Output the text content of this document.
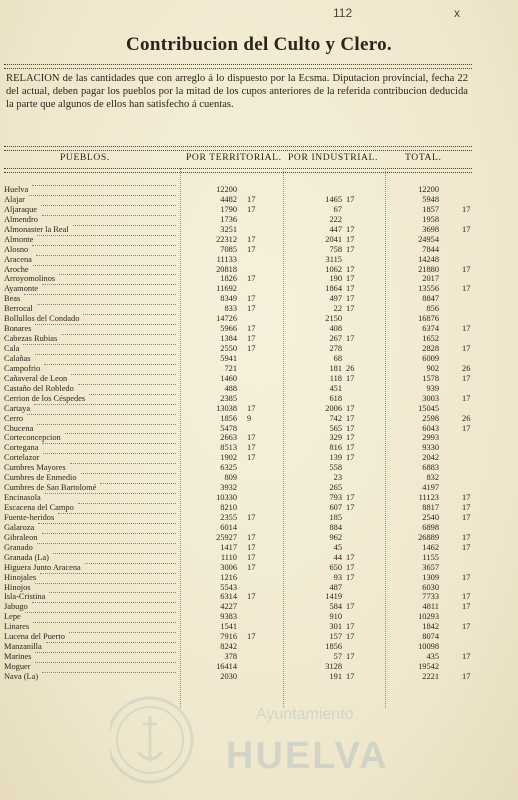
112	x
Contribucion del Culto y Clero.
RELACION de las cantidades que con arreglo á lo dispuesto por la Ecsma. Diputacion provincial, fecha 22 del actual, deben pagar los pueblos por la mitad de los cupos anteriores de la referida contribucion deducida la parte que algunos de ellos han satisfecho á cuentas.
PUEBLOS.	POR TERRITORIAL. POR INDUSTRIAL.	TOTAL.
Huelva	12200	12200
Alajar	4482 17	1465 17	5948
Aljaraque	1790 17	67	1857	17
Almendro	1736	222	1958
Almonaster la Real	3251	447 17	3698	17
Almonte	22312 17	2041 17	24954
Alosno	7085 17	758 17	7844
Aracena	11133	3115	14248
Aroche	20818	1062 17	21880	17
Arroyomolinos	1826 17	190 17	2017
Ayamonte	11692	1864 17	13556	17
Beas	8349 17	497 17	8847
Berrocal	833 17	22 17	856
Bollullos del Condado	14726	2150	16876
Bonares	5966 17	408	6374	17
Cabezas Rubias	1384 17	267 17	1652
Cala	2550 17	278	2828	17
Calañas	5941	68	6009
Campofrio	721	181 26	902	26
Cañaveral de Leon	1460	118 17	1578	17
Castaño del Robledo	488	451	939
Cerrion de los Céspedes	2385	618	3003	17
Cartaya	13038 17	2006 17	15045
Cerro	1856 9	742 17	2598	26
Chucena	5478	565 17	6043	17
Corteconcepcion	2663 17	329 17	2993
Cortegana	8513 17	816 17	9330
Cortelazor	1902 17	139 17	2042
Cumbres Mayores	6325	558	6883
Cumbres de Enmedio	809	23	832
Cumbres de San Bartolomé	3932	265	4197
Encinasola	10330	793 17	11123	17
Escacena del Campo	8210	607 17	8817	17
Fuente-heridos	2355 17	185	2540	17
Galaroza	6014	884	6898
Gibraleon	25927 17	962	26889	17
Granado	1417 17	45	1462	17
Granada (La)	1110 17	44 17	1155
Higuera Junto Aracena	3006 17	650 17	3657
Hinojales	1216	93 17	1309	17
Hinojos	5543	487	6030
Isla-Cristina	6314 17	1419	7733	17
Jabugo	4227	584 17	4811	17
Lepe	9383	910	10293
Linares	1541	301 17	1842	17
Lucena del Puerto	7916 17	157 17	8074
Manzanilla	8242	1856	10098
Marines	378	57 17	435	17
Moguer	16414	3128	19542
Nava (La)	2030	191 17	2221	17
Ayuntamiento
HUELVA
